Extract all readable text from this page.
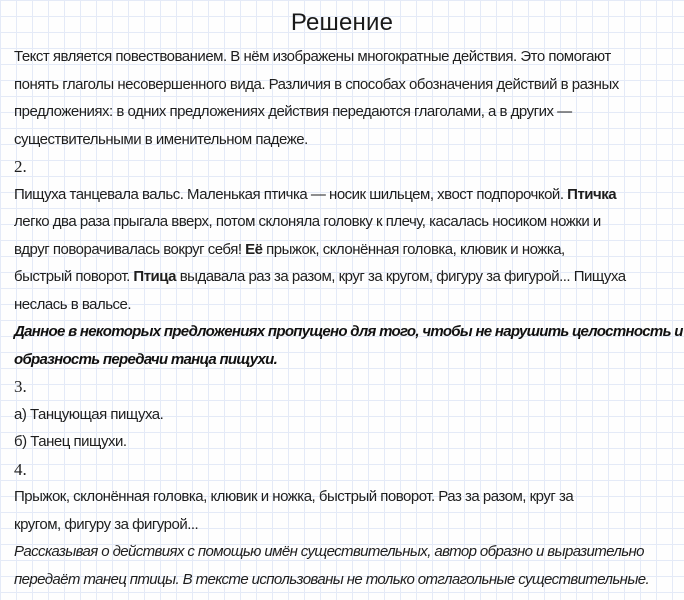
Решение
Текст является повествованием. В нём изображены многократные действия. Это помогают
понять глаголы несовершенного вида. Различия в способах обозначения действий в разных
предложениях: в одних предложениях действия передаются глаголами, а в других —
существительными в именительном падеже.
2.
Пищуха танцевала вальс. Маленькая птичка — носик шильцем, хвост подпорочкой. Птичка
легко два раза прыгала вверх, потом склоняла головку к плечу, касалась носиком ножки и
вдруг поворачивалась вокруг себя! Её прыжок, склонённая головка, клювик и ножка,
быстрый поворот. Птица выдавала раз за разом, круг за кругом, фигуру за фигурой... Пищуха
неслась в вальсе.
Данное в некоторых предложениях пропущено для того, чтобы не нарушить целостность и
образность передачи танца пищухи.
3.
а) Танцующая пищуха.
б) Танец пищухи.
4.
Прыжок, склонённая головка, клювик и ножка, быстрый поворот. Раз за разом, круг за
кругом, фигуру за фигурой...
Рассказывая о действиях с помощью имён существительных, автор образно и выразительно
передаёт танец птицы. В тексте использованы не только отглагольные существительные.
